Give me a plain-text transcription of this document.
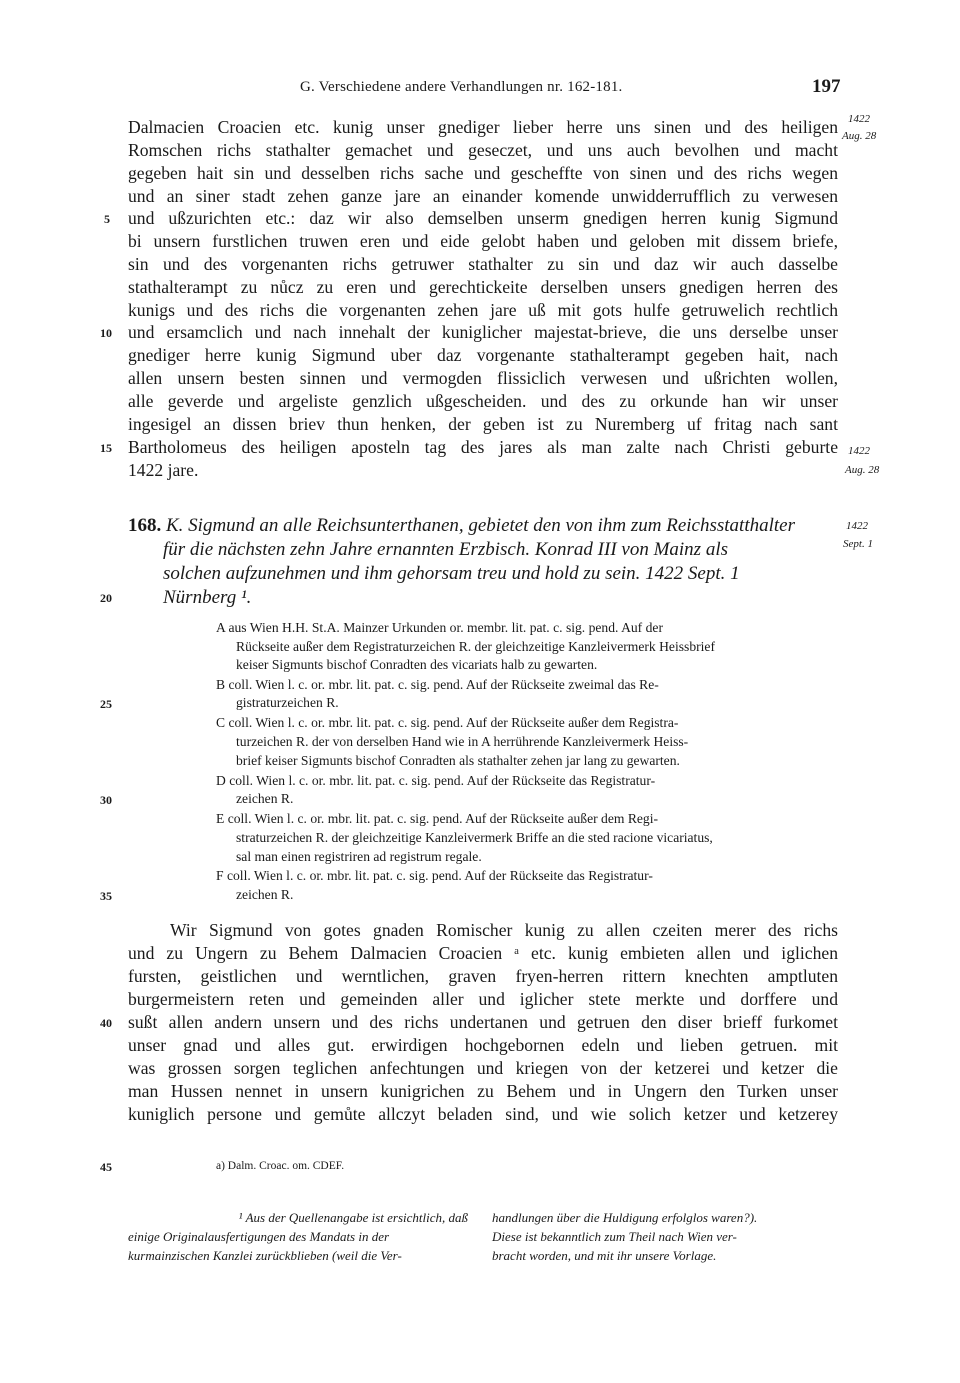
G. Verschiedene andere Verhandlungen nr. 162-181.	197
Dalmacien Croacien etc. kunig unser gnediger lieber herre uns sinen und des heiligen
Romschen richs stathalter gemachet und geseczet, und uns auch bevolhen und macht
gegeben hait sin und desselben richs sache und gescheffte von sinen und des richs wegen
und an siner stadt zehen ganze jare an einander komende unwidderrufflich zu verwesen
und ußzurichten etc.: daz wir also demselben unserm gnedigen herren kunig Sigmund
bi unsern furstlichen truwen eren und eide gelobt haben und geloben mit dissem briefe,
sin und des vorgenanten richs getruwer stathalter zu sin und daz wir auch dasselbe
stathalterampt zu nůcz zu eren und gerechtickeite derselben unsers gnedigen herren des
kunigs und des richs die vorgenanten zehen jare uß mit gots hulfe getruwelich rechtlich
und ersamclich und nach innehalt der kuniglicher majestat-brieve, die uns derselbe unser
gnediger herre kunig Sigmund uber daz vorgenante stathalterampt gegeben hait, nach
allen unsern besten sinnen und vermogden flissiclich verwesen und ußrichten wollen,
alle geverde und argeliste genzlich ußgescheiden. und des zu orkunde han wir unser
ingesigel an dissen briev thun henken, der geben ist zu Nuremberg uf fritag nach sant
Bartholomeus des heiligen aposteln tag des jares als man zalte nach Christi geburte
1422 jare.
5
10
15
1422
Aug. 28
1422
Aug. 28
168. K. Sigmund an alle Reichsunterthanen, gebietet den von ihm zum Reichsstatthalter
für die nächsten zehn Jahre ernannten Erzbisch. Konrad III von Mainz als
solchen aufzunehmen und ihm gehorsam treu und hold zu sein. 1422 Sept. 1
Nürnberg ¹.
20
1422
Sept. 1
A aus Wien H.H. St.A. Mainzer Urkunden or. membr. lit. pat. c. sig. pend. Auf der
Rückseite außer dem Registraturzeichen R. der gleichzeitige Kanzleivermerk Heissbrief
keiser Sigmunts bischof Conradten des vicariats halb zu gewarten.
B coll. Wien l. c. or. mbr. lit. pat. c. sig. pend. Auf der Rückseite zweimal das Re-
gistraturzeichen R.
C coll. Wien l. c. or. mbr. lit. pat. c. sig. pend. Auf der Rückseite außer dem Registra-
turzeichen R. der von derselben Hand wie in A herrührende Kanzleivermerk Heiss-
brief keiser Sigmunts bischof Conradten als stathalter zehen jar lang zu gewarten.
D coll. Wien l. c. or. mbr. lit. pat. c. sig. pend. Auf der Rückseite das Registratur-
zeichen R.
E coll. Wien l. c. or. mbr. lit. pat. c. sig. pend. Auf der Rückseite außer dem Regi-
straturzeichen R. der gleichzeitige Kanzleivermerk Briffe an die sted racione vicariatus,
sal man einen registriren ad registrum regale.
F coll. Wien l. c. or. mbr. lit. pat. c. sig. pend. Auf der Rückseite das Registratur-
zeichen R.
25
30
35
Wir Sigmund von gotes gnaden Romischer kunig zu allen czeiten merer des richs
und zu Ungern zu Behem Dalmacien Croacien ᵃ etc. kunig embieten allen und iglichen
fursten, geistlichen und werntlichen, graven fryen-herren rittern knechten amptluten
burgermeistern reten und gemeinden aller und iglicher stete merkte und dorffere und
sußt allen andern unsern und des richs undertanen und getruen den diser brieff furkomet
unser gnad und alles gut. erwirdigen hochgebornen edeln und lieben getruen. mit
was grossen sorgen teglichen anfechtungen und kriegen von der ketzerei und ketzer die
man Hussen nennet in unsern kunigrichen zu Behem und in Ungern den Turken unser
kuniglich persone und gemůte allczyt beladen sind, und wie solich ketzer und ketzerey
40
45	a) Dalm. Croac. om. CDEF.
¹ Aus der Quellenangabe ist ersichtlich, daß
einige Originalausfertigungen des Mandats in der
kurmainzischen Kanzlei zurückblieben (weil die Ver-
handlungen über die Huldigung erfolglos waren?).
Diese ist bekanntlich zum Theil nach Wien ver-
bracht worden, und mit ihr unsere Vorlage.
